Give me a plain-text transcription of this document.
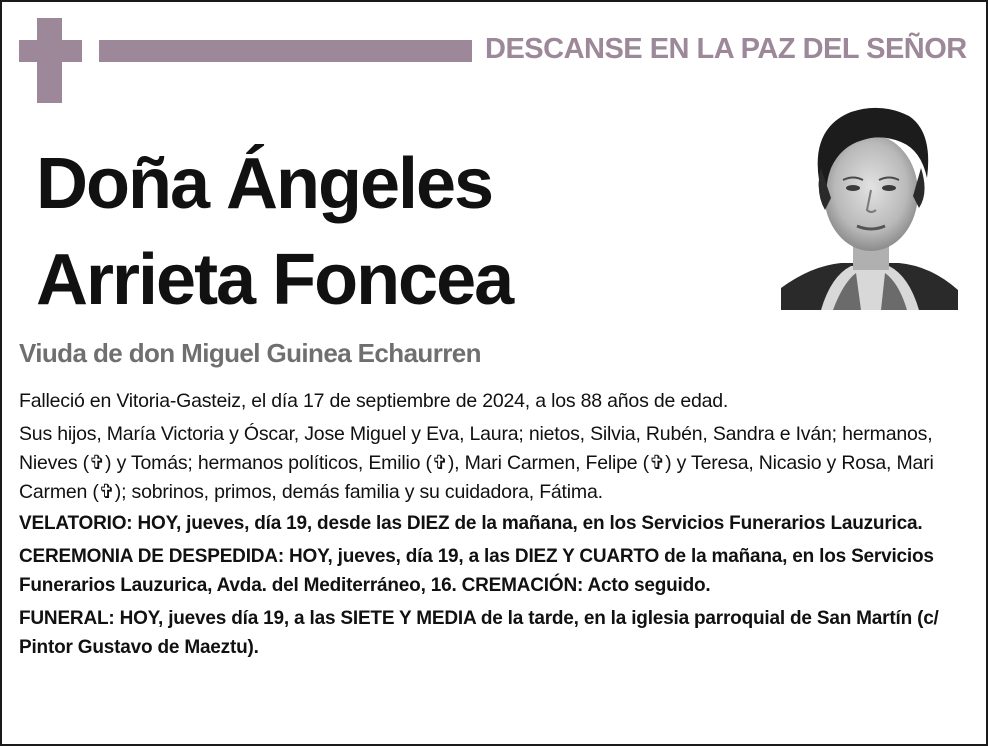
DESCANSE EN LA PAZ DEL SEÑOR
Doña Ángeles
Arrieta Foncea
Viuda de don Miguel Guinea Echaurren
Falleció en Vitoria-Gasteiz, el día 17 de septiembre de 2024, a los 88 años de edad.
Sus hijos, María Victoria y Óscar, Jose Miguel y Eva, Laura; nietos, Silvia, Rubén, Sandra e Iván; hermanos, Nieves (✞) y Tomás; hermanos políticos, Emilio (✞), Mari Carmen, Felipe (✞) y Teresa, Nicasio y Rosa, Mari Carmen (✞); sobrinos, primos, demás familia y su cuidadora, Fátima.
VELATORIO: HOY, jueves, día 19, desde las DIEZ de la mañana, en los Servicios Funerarios Lauzurica.
CEREMONIA DE DESPEDIDA: HOY, jueves, día 19, a las DIEZ Y CUARTO de la mañana, en los Servicios Funerarios Lauzurica, Avda. del Mediterráneo, 16. CREMACIÓN: Acto seguido.
FUNERAL: HOY, jueves día 19, a las SIETE Y MEDIA de la tarde, en la iglesia parroquial de San Martín (c/ Pintor Gustavo de Maeztu).
